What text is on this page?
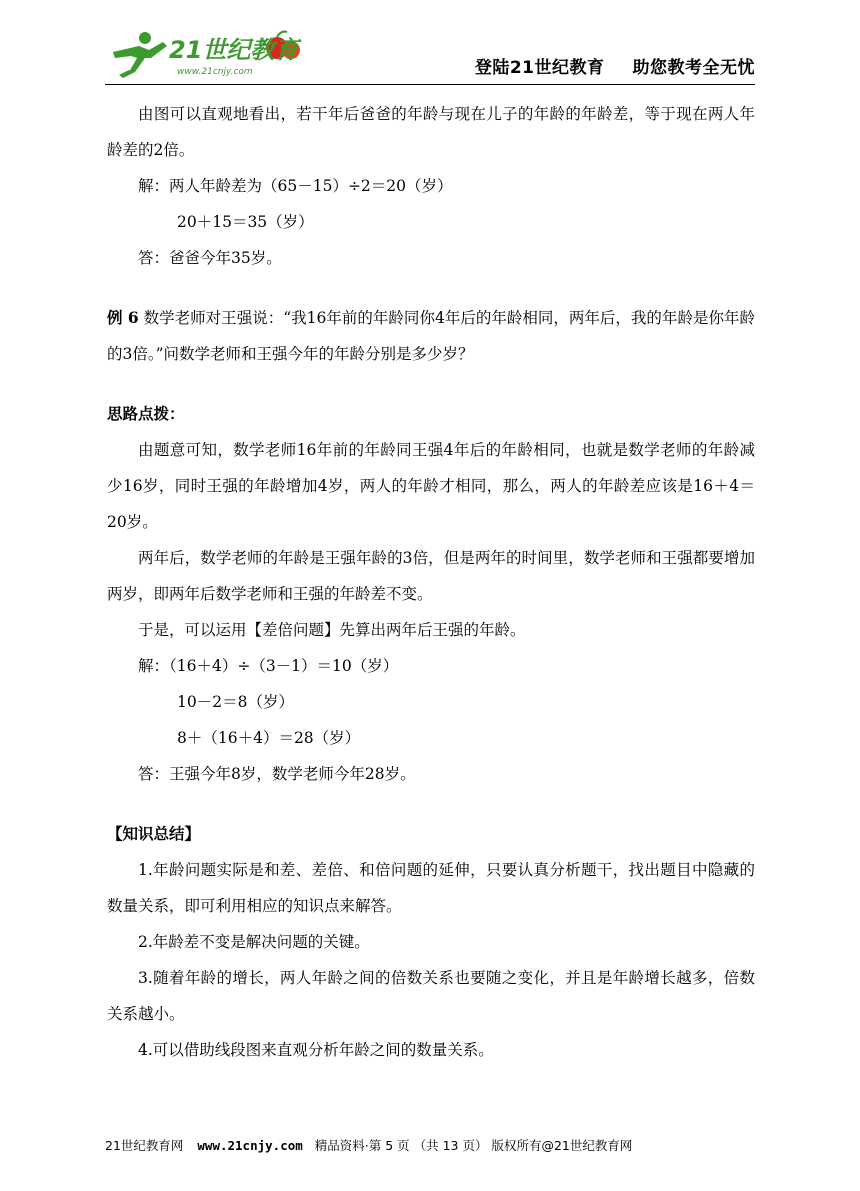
21世纪教育
www.21cnjy.com	登陆21世纪教育 助您教考全无忧

由图可以直观地看出，若干年后爸爸的年龄与现在儿子的年龄的年龄差，等于现在两人年龄差的2倍。

解：两人年龄差为（65－15）÷2＝20（岁）

20＋15＝35（岁）

答：爸爸今年35岁。

例 6 数学老师对王强说：“我16年前的年龄同你4年后的年龄相同，两年后，我的年龄是你年龄的3倍。”问数学老师和王强今年的年龄分别是多少岁？

思路点拨：

由题意可知，数学老师16年前的年龄同王强4年后的年龄相同，也就是数学老师的年龄减少16岁，同时王强的年龄增加4岁，两人的年龄才相同，那么，两人的年龄差应该是16＋4＝20岁。

两年后，数学老师的年龄是王强年龄的3倍，但是两年的时间里，数学老师和王强都要增加两岁，即两年后数学老师和王强的年龄差不变。

于是，可以运用【差倍问题】先算出两年后王强的年龄。

解：（16＋4）÷（3－1）＝10（岁）

10－2＝8（岁）

8＋（16＋4）＝28（岁）

答：王强今年8岁，数学老师今年28岁。

【知识总结】

1.年龄问题实际是和差、差倍、和倍问题的延伸，只要认真分析题干，找出题目中隐藏的数量关系，即可利用相应的知识点来解答。

2.年龄差不变是解决问题的关键。

3.随着年龄的增长，两人年龄之间的倍数关系也要随之变化，并且是年龄增长越多，倍数关系越小。

4.可以借助线段图来直观分析年龄之间的数量关系。

21世纪教育网 www.21cnjy.com 精品资料·第 5 页 （共 13 页） 版权所有@21世纪教育网
